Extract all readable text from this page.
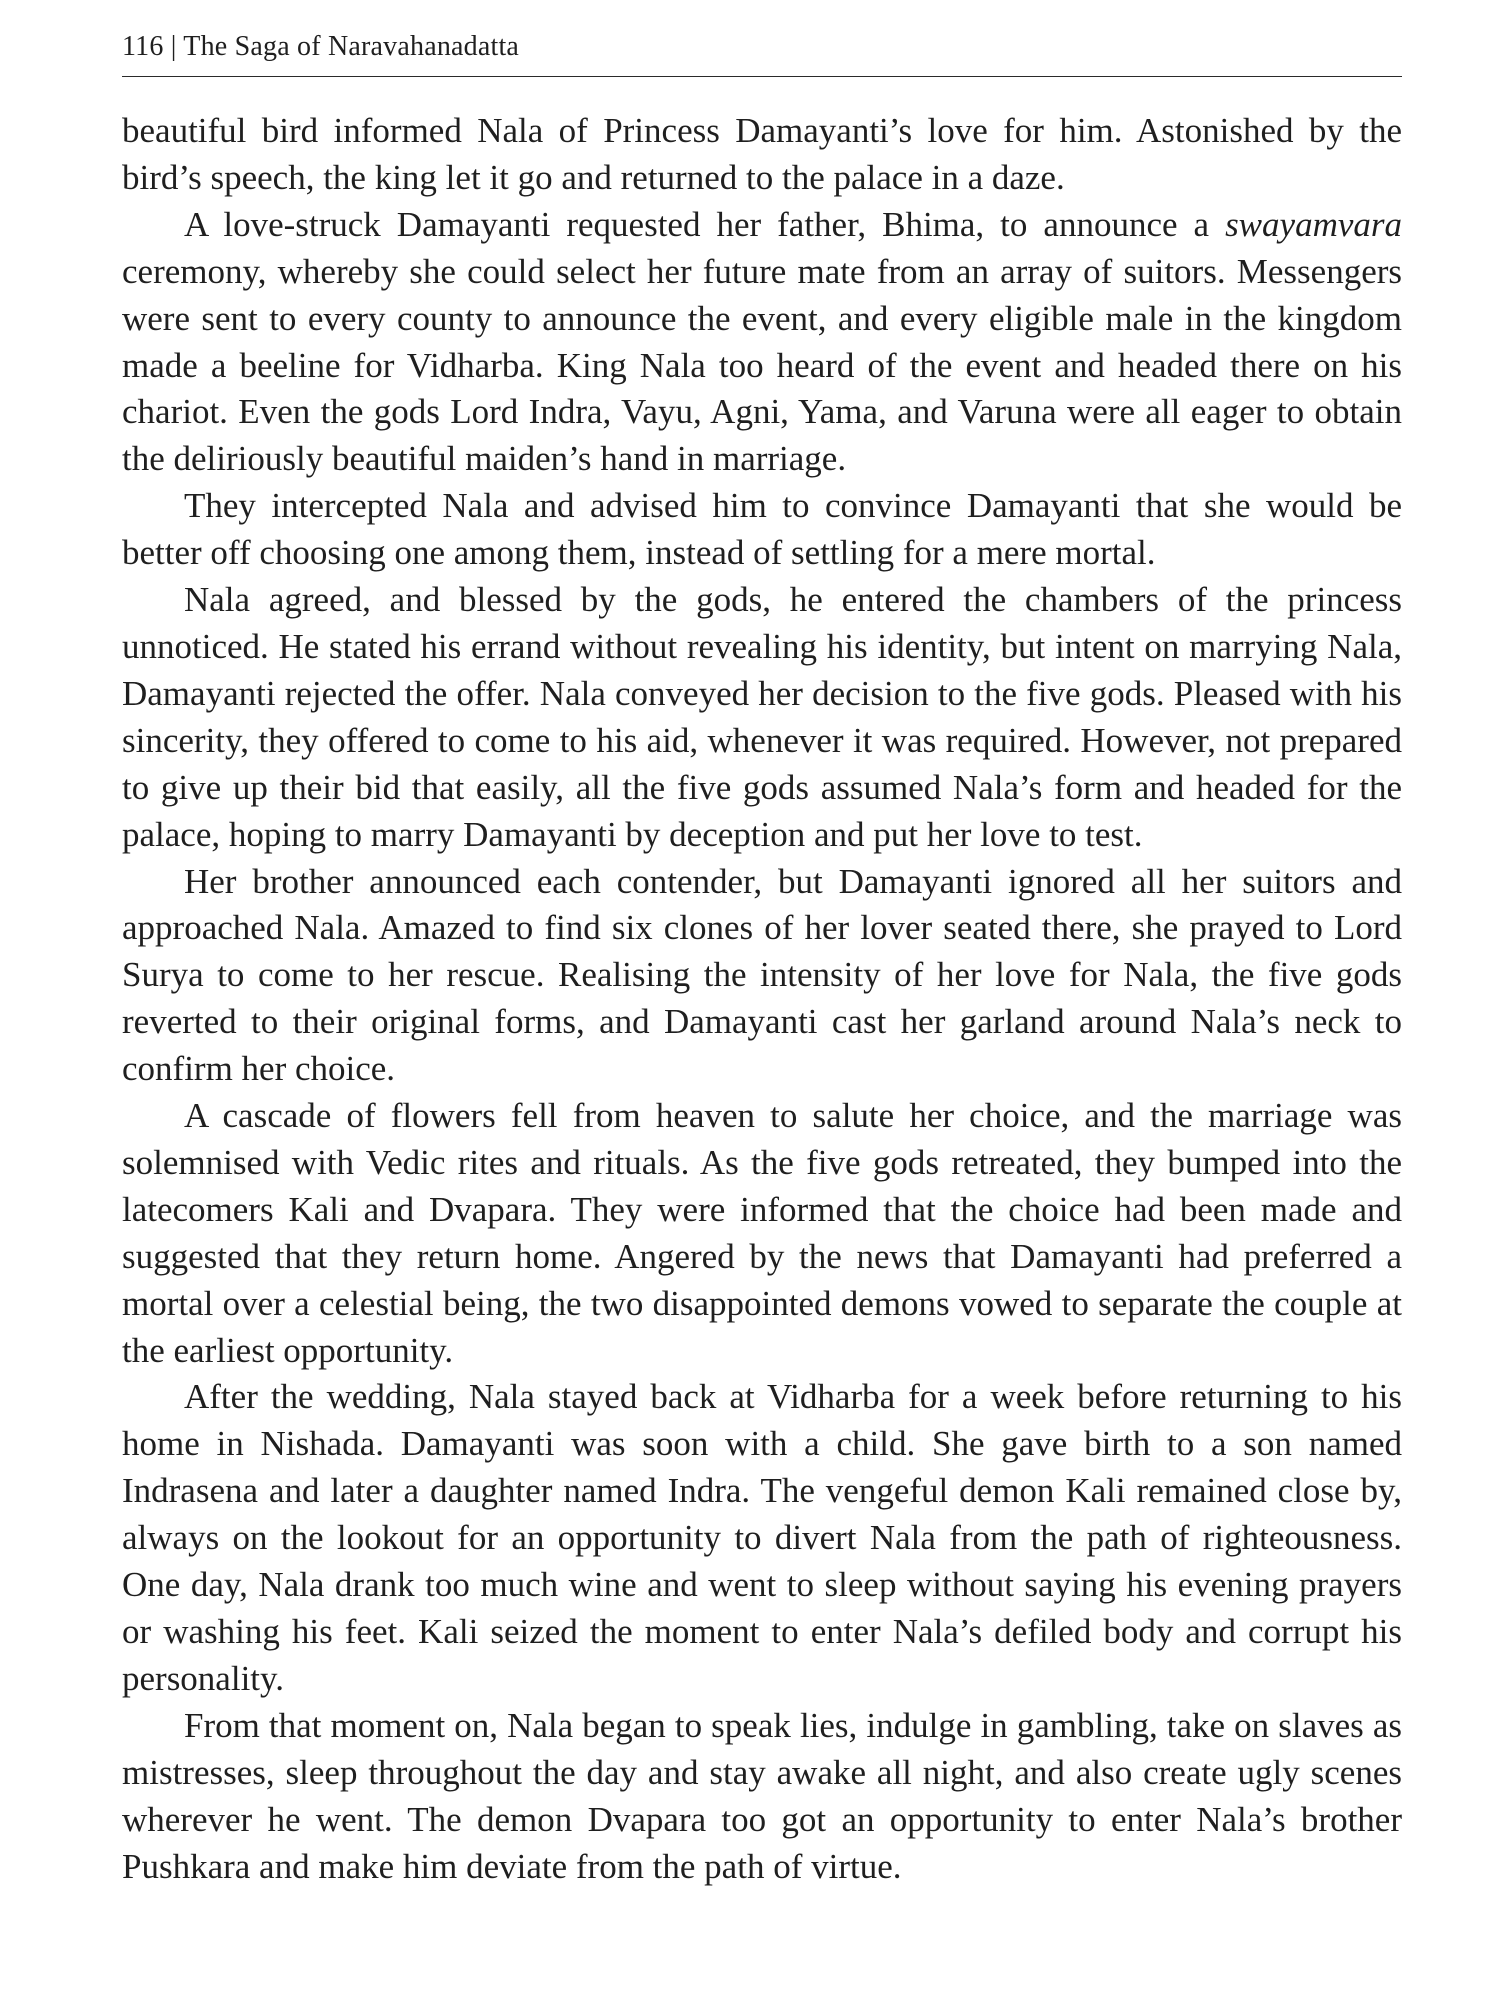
116 | The Saga of Naravahanadatta

beautiful bird informed Nala of Princess Damayanti’s love for him. Astonished by the bird’s speech, the king let it go and returned to the palace in a daze.

A love-struck Damayanti requested her father, Bhima, to announce a swayamvara ceremony, whereby she could select her future mate from an array of suitors. Messengers were sent to every county to announce the event, and every eligible male in the kingdom made a beeline for Vidharba. King Nala too heard of the event and headed there on his chariot. Even the gods Lord Indra, Vayu, Agni, Yama, and Varuna were all eager to obtain the deliriously beautiful maiden’s hand in marriage.

They intercepted Nala and advised him to convince Damayanti that she would be better off choosing one among them, instead of settling for a mere mortal.

Nala agreed, and blessed by the gods, he entered the chambers of the princess unnoticed. He stated his errand without revealing his identity, but intent on marrying Nala, Damayanti rejected the offer. Nala conveyed her decision to the five gods. Pleased with his sincerity, they offered to come to his aid, whenever it was required. However, not prepared to give up their bid that easily, all the five gods assumed Nala’s form and headed for the palace, hoping to marry Damayanti by deception and put her love to test.

Her brother announced each contender, but Damayanti ignored all her suitors and approached Nala. Amazed to find six clones of her lover seated there, she prayed to Lord Surya to come to her rescue. Realising the intensity of her love for Nala, the five gods reverted to their original forms, and Damayanti cast her garland around Nala’s neck to confirm her choice.

A cascade of flowers fell from heaven to salute her choice, and the marriage was solemnised with Vedic rites and rituals. As the five gods retreated, they bumped into the latecomers Kali and Dvapara. They were informed that the choice had been made and suggested that they return home. Angered by the news that Damayanti had preferred a mortal over a celestial being, the two disappointed demons vowed to separate the couple at the earliest opportunity.

After the wedding, Nala stayed back at Vidharba for a week before returning to his home in Nishada. Damayanti was soon with a child. She gave birth to a son named Indrasena and later a daughter named Indra. The vengeful demon Kali remained close by, always on the lookout for an opportunity to divert Nala from the path of righteousness. One day, Nala drank too much wine and went to sleep without saying his evening prayers or washing his feet. Kali seized the moment to enter Nala’s defiled body and corrupt his personality.

From that moment on, Nala began to speak lies, indulge in gambling, take on slaves as mistresses, sleep throughout the day and stay awake all night, and also create ugly scenes wherever he went. The demon Dvapara too got an opportunity to enter Nala’s brother Pushkara and make him deviate from the path of virtue.
